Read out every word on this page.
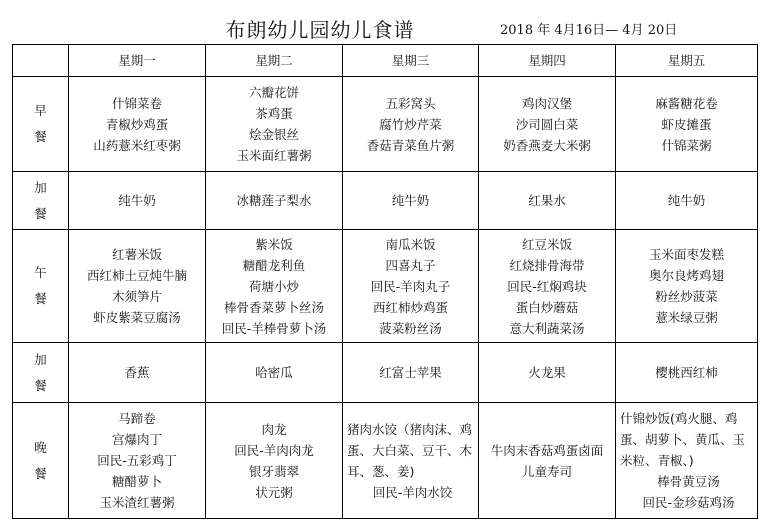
布朗幼儿园幼儿食谱	2018 年 4月16日— 4月 20日
	星期一	星期二	星期三	星期四	星期五

早
餐	什锦菜卷
青椒炒鸡蛋
山药薏米红枣粥	六瓣花饼
茶鸡蛋
烩金银丝
玉米面红薯粥	五彩窝头
腐竹炒芹菜
香菇青菜鱼片粥	鸡肉汉堡
沙司圆白菜
奶香燕麦大米粥	麻酱糖花卷
虾皮摊蛋
什锦菜粥

加
餐	纯牛奶	冰糖莲子梨水	纯牛奶	红果水	纯牛奶

午
餐	红薯米饭
西红柿土豆炖牛腩
木须笋片
虾皮紫菜豆腐汤	紫米饭
糖醋龙利鱼
荷塘小炒
棒骨香菜萝卜丝汤
回民-羊棒骨萝卜汤	南瓜米饭
四喜丸子
回民-羊肉丸子
西红柿炒鸡蛋
菠菜粉丝汤	红豆米饭
红烧排骨海带
回民-红焖鸡块
蛋白炒蘑菇
意大利蔬菜汤	玉米面枣发糕
奥尔良烤鸡翅
粉丝炒菠菜
薏米绿豆粥

加
餐	香蕉	哈密瓜	红富士苹果	火龙果	樱桃西红柿

晚
餐	马蹄卷
宫爆肉丁
回民-五彩鸡丁
糖醋萝卜
玉米渣红薯粥	肉龙
回民-羊肉肉龙
银牙翡翠
状元粥	猪肉水饺（猪肉沫、鸡蛋、大白菜、豆干、木耳、葱、姜)
回民-羊肉水饺	牛肉末香菇鸡蛋卤面
儿童寿司	什锦炒饭(鸡火腿、鸡蛋、胡萝卜、黄瓜、玉米粒、青椒、)
棒骨黄豆汤
回民-金珍菇鸡汤
